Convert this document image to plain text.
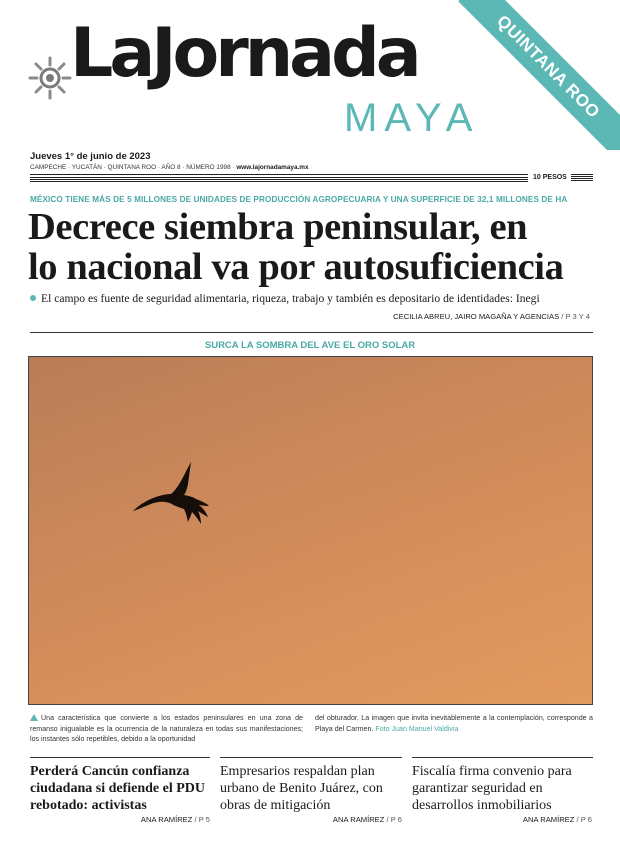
LaJornada
MAYA QUINTANA ROO
Jueves 1° de junio de 2023
CAMPECHE · YUCATÁN · QUINTANA ROO · AÑO 8 · NÚMERO 1998 · www.lajornadamaya.mx
10 PESOS
MÉXICO TIENE MÁS DE 5 MILLONES DE UNIDADES DE PRODUCCIÓN AGROPECUARIA Y UNA SUPERFICIE DE 32,1 MILLONES DE HA
Decrece siembra peninsular, en
lo nacional va por autosuficiencia
El campo es fuente de seguridad alimentaria, riqueza, trabajo y también es depositario de identidades: Inegi
CECILIA ABREU, JAIRO MAGAÑA Y AGENCIAS / P 3 Y 4
SURCA LA SOMBRA DEL AVE EL ORO SOLAR
Una característica que convierte a los estados peninsulares en una zona de remanso inigualable es la ocurrencia de la naturaleza en todas sus manifestaciones; los instantes sólo repetibles, debido a la oportunidad
del obturador. La imagen que invita inevitablemente a la contemplación, corresponde a Playa del Carmen. Foto Juan Manuel Valdivia
Perderá Cancún confianza ciudadana si defiende el PDU rebotado: activistas
Empresarios respaldan plan urbano de Benito Juárez, con obras de mitigación
Fiscalía firma convenio para garantizar seguridad en desarrollos inmobiliarios
ANA RAMÍREZ / P 5	ANA RAMÍREZ / P 6	ANA RAMÍREZ / P 6
